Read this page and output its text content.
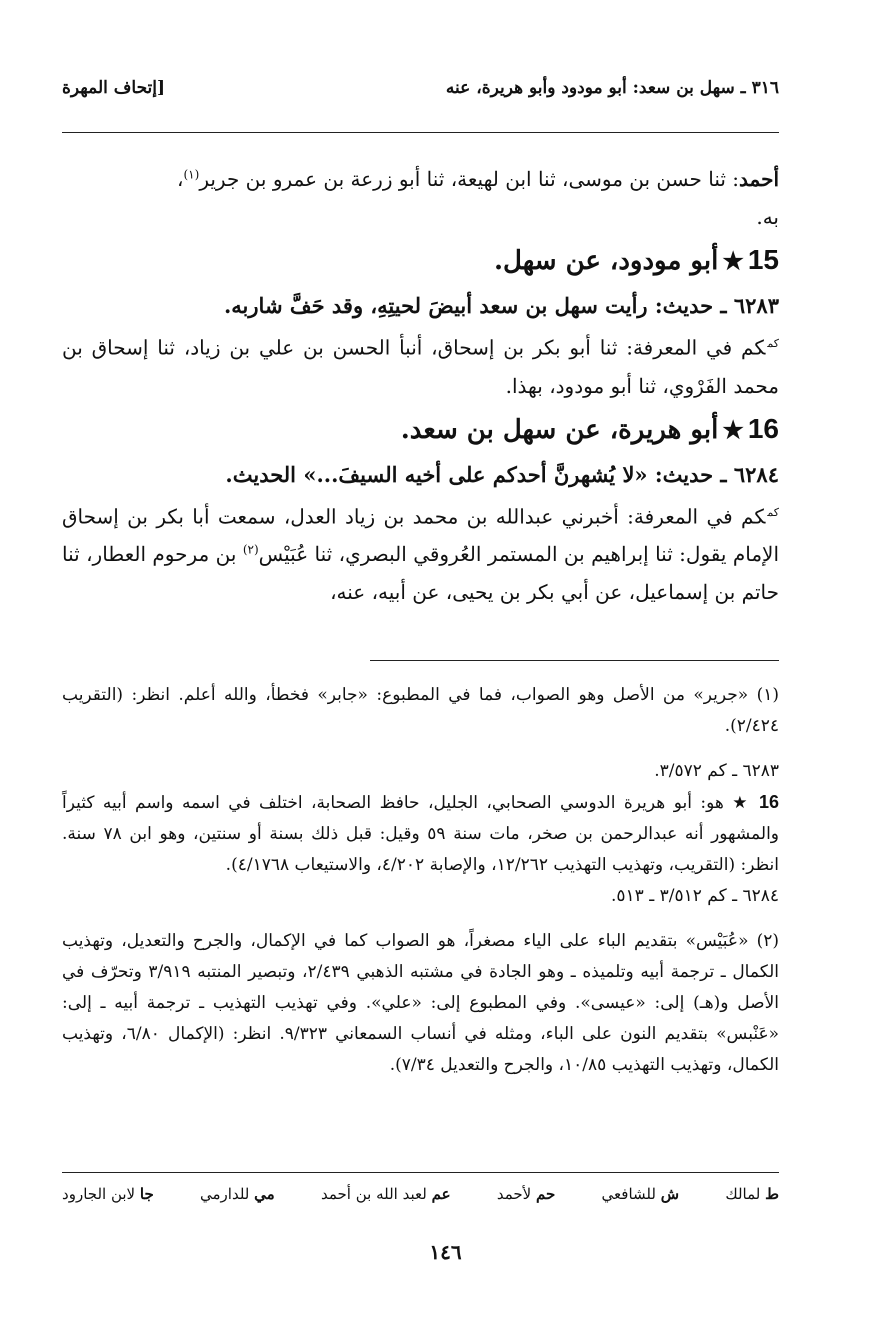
٣١٦ ـ سهل بن سعد: أبو مودود وأبو هريرة، عنه
[إتحاف المهرة

أحمد: ثنا حسن بن موسى، ثنا ابن لهيعة، ثنا أبو زرعة بن عمرو بن جرير$^{(١)}$،

به.

15★أبو مودود، عن سهل.

٦٢٨٣ ـ حديث: رأيت سهل بن سعد أبيضَ لحيتِهِ، وقد حَفَّ شاربه.

$^{كم}$كم في المعرفة: ثنا أبو بكر بن إسحاق، أنبأ الحسن بن علي بن زياد، ثنا إسحاق بن محمد الفَرْوي، ثنا أبو مودود، بهذا.

16★أبو هريرة، عن سهل بن سعد.

٦٢٨٤ ـ حديث: «لا يُشهرنَّ أحدكم على أخيه السيفَ...» الحديث.

$^{كم}$كم في المعرفة: أخبرني عبدالله بن محمد بن زياد العدل، سمعت أبا بكر بن إسحاق الإمام يقول: ثنا إبراهيم بن المستمر العُروقي البصري، ثنا عُبَيْس$^{(٢)}$ بن مرحوم العطار، ثنا حاتم بن إسماعيل، عن أبي بكر بن يحيى، عن أبيه، عنه،

(١) «جرير» من الأصل وهو الصواب، فما في المطبوع: «جابر» فخطأ، والله أعلم. انظر: (التقريب ٢/٤٢٤).

٦٢٨٣ ـ كم ٣/٥٧٢.

16 ★ هو: أبو هريرة الدوسي الصحابي، الجليل، حافظ الصحابة، اختلف في اسمه واسم أبيه كثيراً والمشهور أنه عبدالرحمن بن صخر، مات سنة ٥٩ وقيل: قبل ذلك بسنة أو سنتين، وهو ابن ٧٨ سنة. انظر: (التقريب، وتهذيب التهذيب ١٢/٢٦٢، والإصابة ٤/٢٠٢، والاستيعاب ٤/١٧٦٨).

٦٢٨٤ ـ كم ٣/٥١٢ ـ ٥١٣.

(٢) «عُبَيْس» بتقديم الباء على الياء مصغراً، هو الصواب كما في الإكمال، والجرح والتعديل، وتهذيب الكمال ـ ترجمة أبيه وتلميذه ـ وهو الجادة في مشتبه الذهبي ٢/٤٣٩، وتبصير المنتبه ٣/٩١٩ وتحرّف في الأصل و(هـ) إلى: «عيسى». وفي المطبوع إلى: «علي». وفي تهذيب التهذيب ـ ترجمة أبيه ـ إلى: «عَنْبس» بتقديم النون على الباء، ومثله في أنساب السمعاني ٩/٣٢٣. انظر: (الإكمال ٦/٨٠، وتهذيب الكمال، وتهذيب التهذيب ١٠/٨٥، والجرح والتعديل ٧/٣٤).

ط لمالك
ش للشافعي
حم لأحمد
عم لعبد الله بن أحمد
مي للدارمي
جا لابن الجارود
١٤٦
